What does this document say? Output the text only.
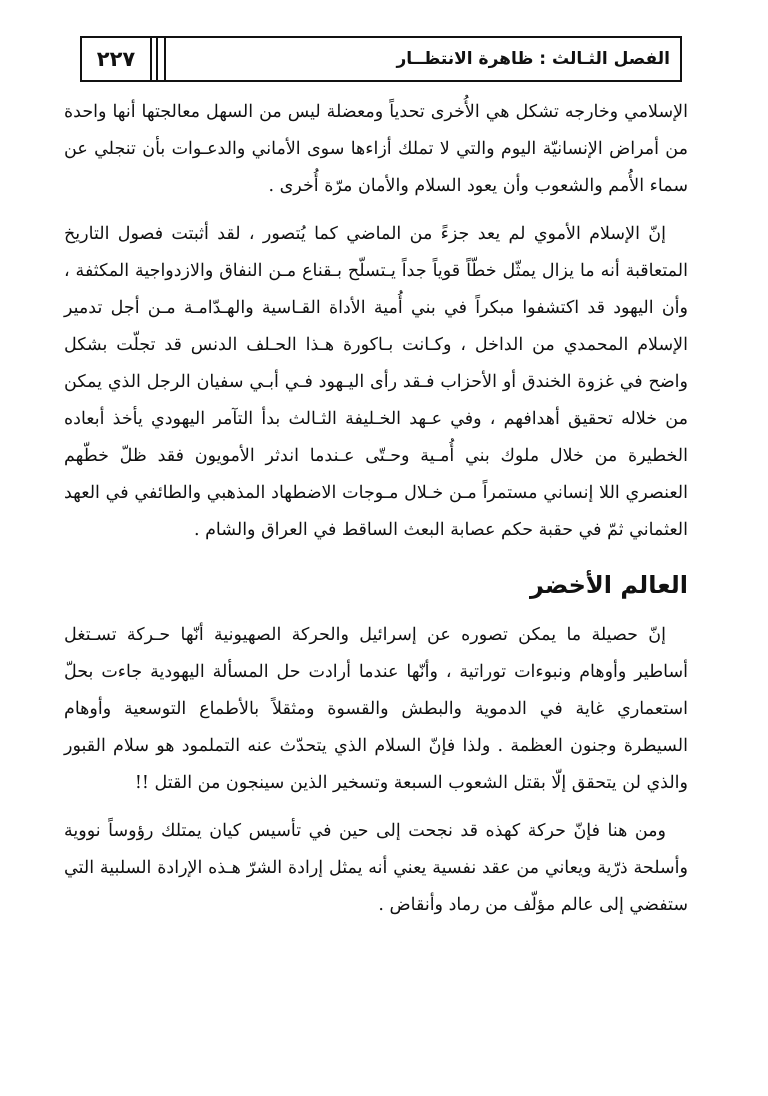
٢٢٧	الفصل الثـالث : ظاهرة الانتظــار

الإسلامي وخارجه تشكل هي الأُخرى تحدياً ومعضلة ليس من السهل معالجتها أنها واحدة من أمراض الإنسانيّة اليوم والتي لا تملك أزاءها سوى الأماني والدعـوات بأن تنجلي عن سماء الأُمم والشعوب وأن يعود السلام والأمان مرّة أُخرى .

إنّ الإسلام الأموي لم يعد جزءً من الماضي كما يُتصور ، لقد أثبتت فصول التاريخ المتعاقبة أنه ما يزال يمثّل خطّاً قوياً جداً يـتسلّح بـقناع مـن النفاق والازدواجية المكثفة ، وأن اليهود قد اكتشفوا مبكراً في بني أُمية الأداة القـاسية والهـدّامـة مـن أجل تدمير الإسلام المحمدي من الداخل ، وكـانت بـاكورة هـذا الحـلف الدنس قد تجلّت بشكل واضح في غزوة الخندق أو الأحزاب فـقد رأى اليـهود فـي أبـي سفيان الرجل الذي يمكن من خلاله تحقيق أهدافهم ، وفي عـهد الخـليفة الثـالث بدأ التآمر اليهودي يأخذ أبعاده الخطيرة من خلال ملوك بني أُمـية وحـتّى عـندما اندثر الأمويون فقد ظلّ خطّهم العنصري اللا إنساني مستمراً مـن خـلال مـوجات الاضطهاد المذهبي والطائفي في العهد العثماني ثمّ في حقبة حكم عصابة البعث الساقط في العراق والشام .

العالم الأخضر

إنّ حصيلة ما يمكن تصوره عن إسرائيل والحركة الصهيونية أنّها حـركة تسـتغل أساطير وأوهام ونبوءات توراتية ، وأنّها عندما أرادت حل المسألة اليهودية جاءت بحلّ استعماري غاية في الدموية والبطش والقسوة ومثقلاً بالأطماع التوسعية وأوهام السيطرة وجنون العظمة . ولذا فإنّ السلام الذي يتحدّث عنه التملمود هو سلام القبور والذي لن يتحقق إلّا بقتل الشعوب السبعة وتسخير الذين سينجون من القتل !!

ومن هنا فإنّ حركة كهذه قد نجحت إلى حين في تأسيس كيان يمتلك رؤوساً نووية وأسلحة ذرّية ويعاني من عقد نفسية يعني أنه يمثل إرادة الشرّ هـذه الإرادة السلبية التي ستفضي إلى عالم مؤلّف من رماد وأنقاض .
